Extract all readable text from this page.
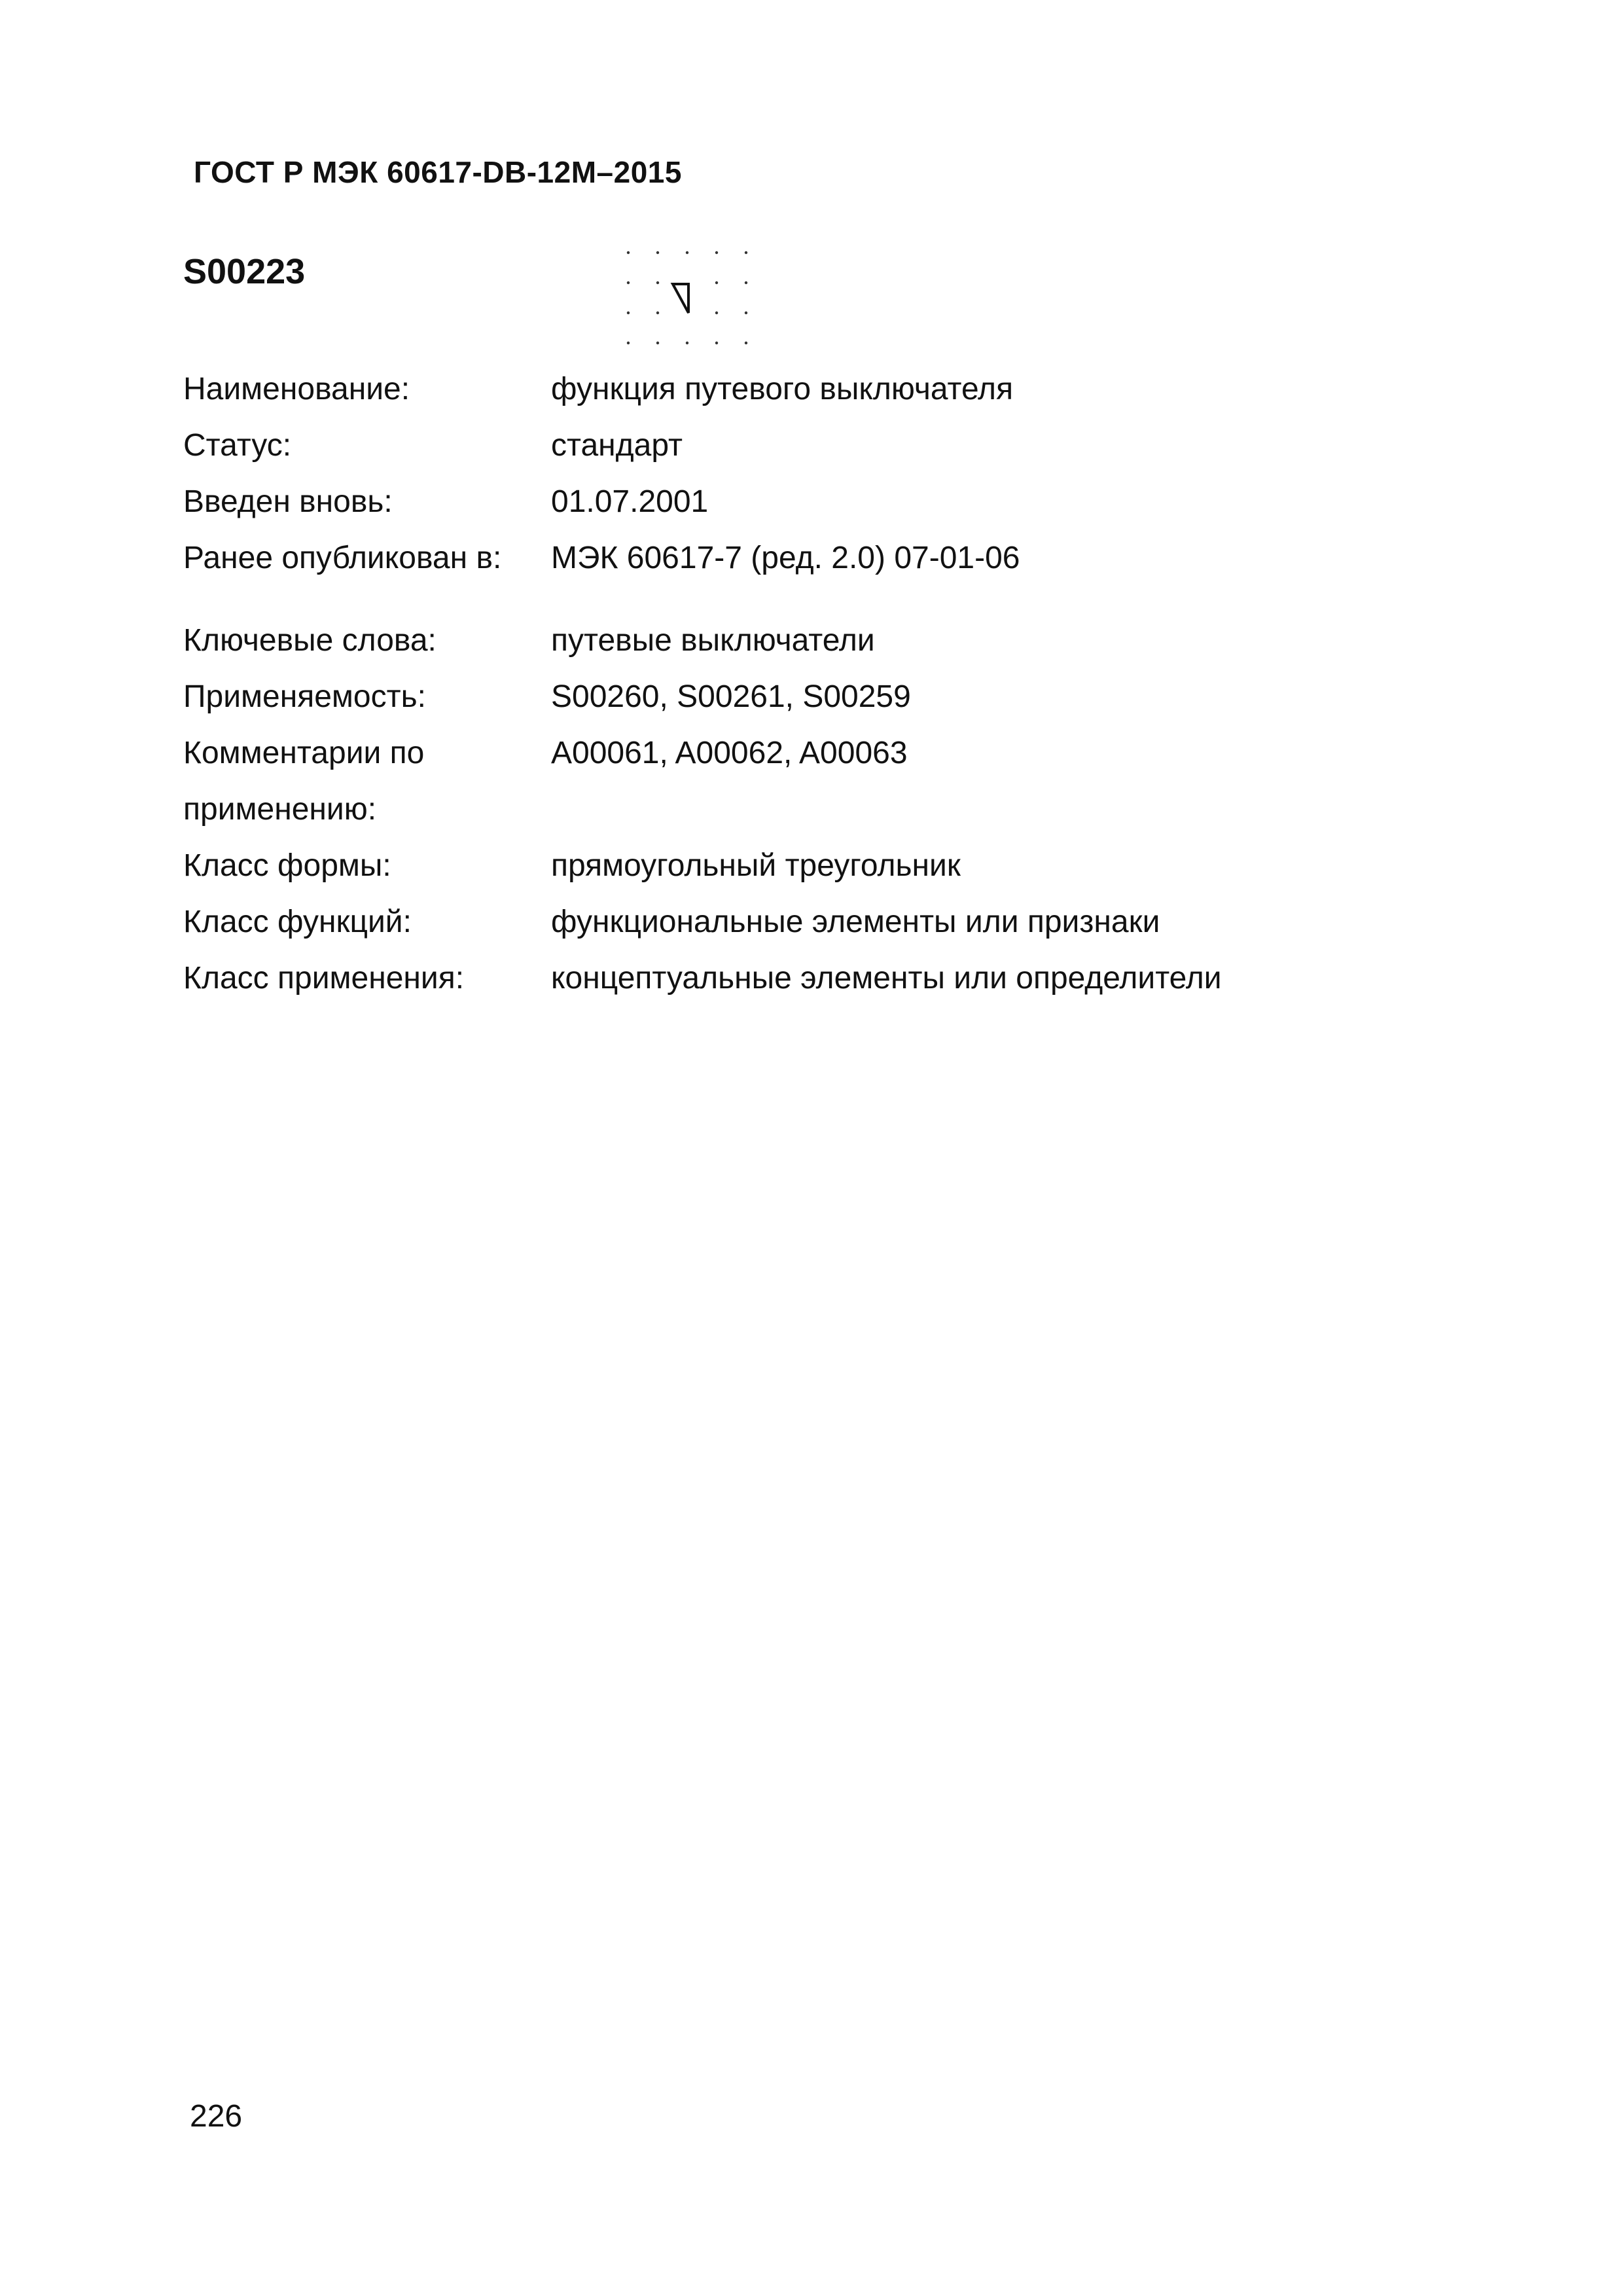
ГОСТ Р МЭК 60617-DB-12M–2015
S00223
Наименование:	функция путевого выключателя
Статус:	стандарт
Введен вновь:	01.07.2001
Ранее опубликован в:	МЭК 60617-7 (ред. 2.0) 07-01-06

Ключевые слова:	путевые выключатели
Применяемость:	S00260, S00261, S00259
Комментарии по	A00061, A00062, A00063
применению:	
Класс формы:	прямоугольный треугольник
Класс функций:	функциональные элементы или признаки
Класс применения:	концептуальные элементы или определители
226
